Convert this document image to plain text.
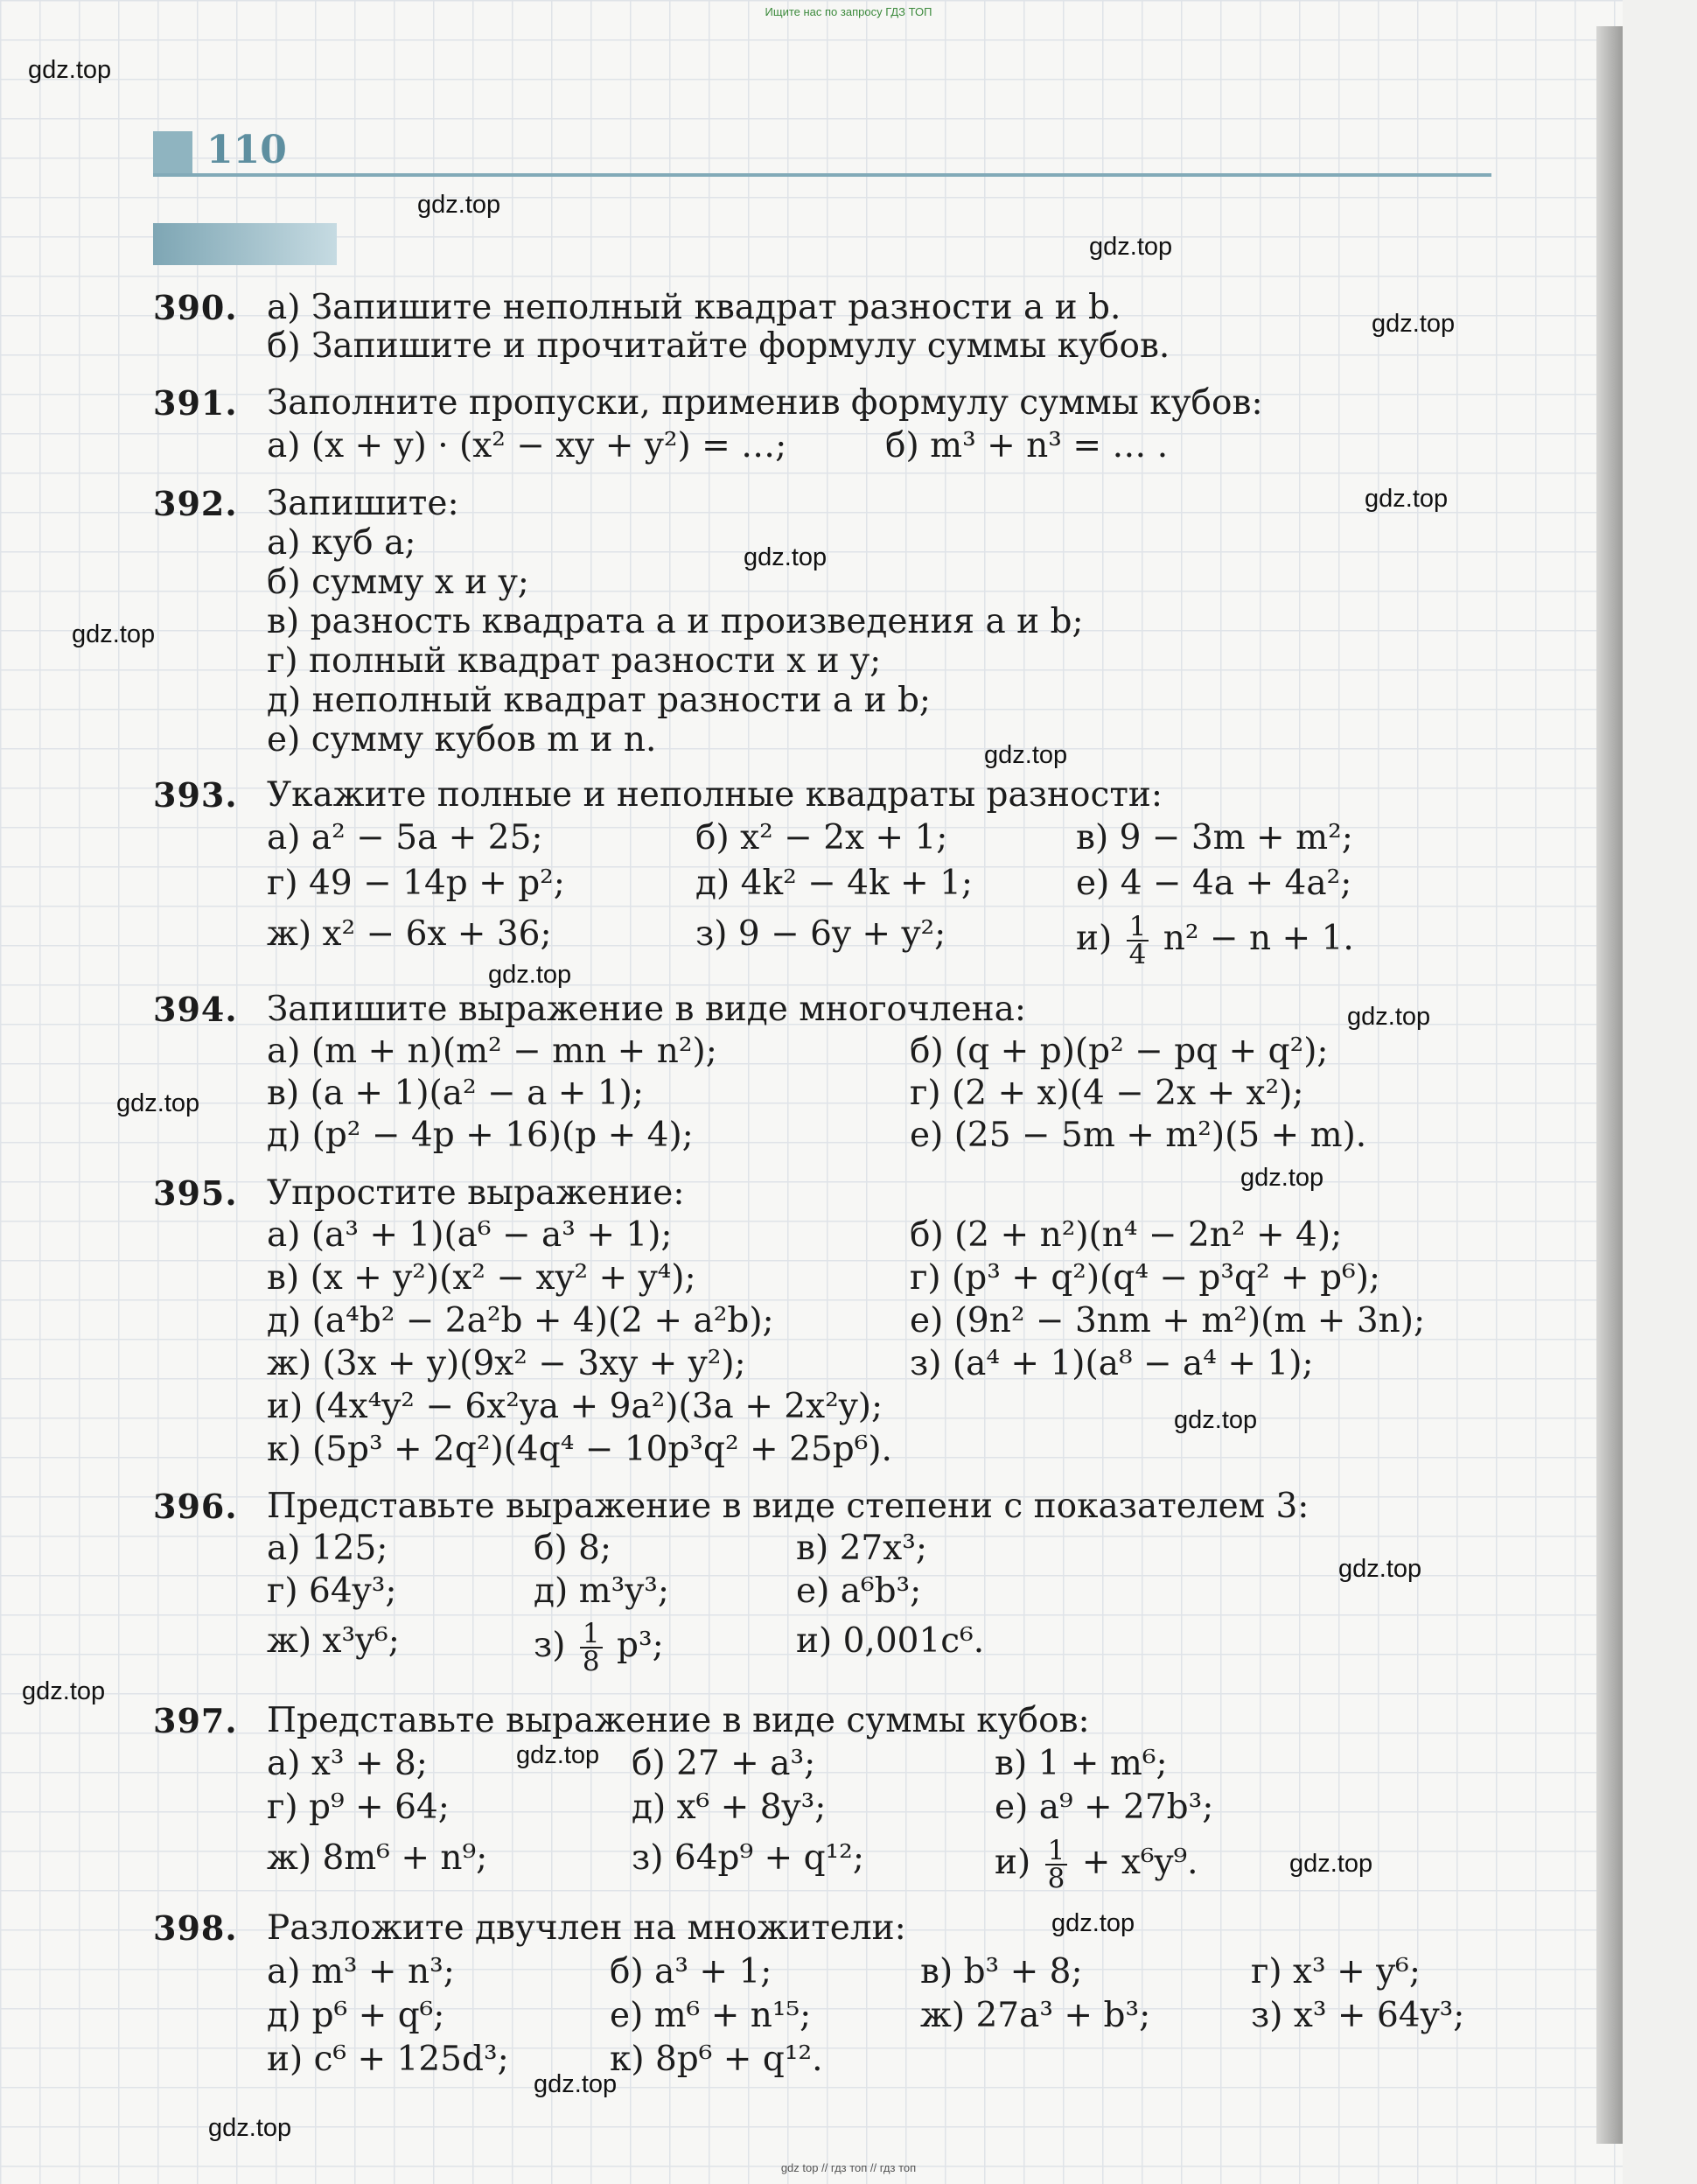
Ищите нас по запросу ГДЗ ТОП
110
390. а) Запишите неполный квадрат разности a и b.
б) Запишите и прочитайте формулу суммы кубов.
391. Заполните пропуски, применив формулу суммы кубов:
а) (x + y) · (x² − xy + y²) = …;	б) m³ + n³ = … .
392. Запишите:
а) куб a;
б) сумму x и y;
в) разность квадрата a и произведения a и b;
г) полный квадрат разности x и y;
д) неполный квадрат разности a и b;
е) сумму кубов m и n.
393. Укажите полные и неполные квадраты разности:
а) a² − 5a + 25;	б) x² − 2x + 1;	в) 9 − 3m + m²;
г) 49 − 14p + p²;	д) 4k² − 4k + 1;	е) 4 − 4a + 4a²;
ж) x² − 6x + 36;	з) 9 − 6y + y²;	$и) \frac{1}{4} n^2 - n + 1$.
394. Запишите выражение в виде многочлена:
а) (m + n)(m² − mn + n²);	б) (q + p)(p² − pq + q²);
в) (a + 1)(a² − a + 1);	г) (2 + x)(4 − 2x + x²);
д) (p² − 4p + 16)(p + 4);	е) (25 − 5m + m²)(5 + m).
395. Упростите выражение:
а) (a³ + 1)(a⁶ − a³ + 1);	б) (2 + n²)(n⁴ − 2n² + 4);
в) (x + y²)(x² − xy² + y⁴);	г) (p³ + q²)(q⁴ − p³q² + p⁶);
д) (a⁴b² − 2a²b + 4)(2 + a²b);	е) (9n² − 3nm + m²)(m + 3n);
ж) (3x + y)(9x² − 3xy + y²);	з) (a⁴ + 1)(a⁸ − a⁴ + 1);
и) (4x⁴y² − 6x²ya + 9a²)(3a + 2x²y);
к) (5p³ + 2q²)(4q⁴ − 10p³q² + 25p⁶).
396. Представьте выражение в виде степени с показателем 3:
а) 125;	б) 8;	в) 27x³;
г) 64y³;	д) m³y³;	е) a⁶b³;
ж) x³y⁶;	$з) \frac{1}{8} p^3$;	и) 0,001c⁶.
397. Представьте выражение в виде суммы кубов:
а) x³ + 8;	б) 27 + a³;	в) 1 + m⁶;
г) p⁹ + 64;	д) x⁶ + 8y³;	е) a⁹ + 27b³;
ж) 8m⁶ + n⁹;	з) 64p⁹ + q¹²;	$и) \frac{1}{8} + x^6y^9$.
398. Разложите двучлен на множители:
а) m³ + n³;	б) a³ + 1;	в) b³ + 8;	г) x³ + y⁶;
д) p⁶ + q⁶;	е) m⁶ + n¹⁵;	ж) 27a³ + b³;	з) x³ + 64y³;
и) c⁶ + 125d³;	к) 8p⁶ + q¹².
gdz.top
gdz.top
gdz.top
gdz.top
gdz.top
gdz.top
gdz.top
gdz.top
gdz.top
gdz.top
gdz.top
gdz.top
gdz.top
gdz.top
gdz.top
gdz.top
gdz.top
gdz.top
gdz.top
gdz.top
gdz top // гдз топ // гдз топ
